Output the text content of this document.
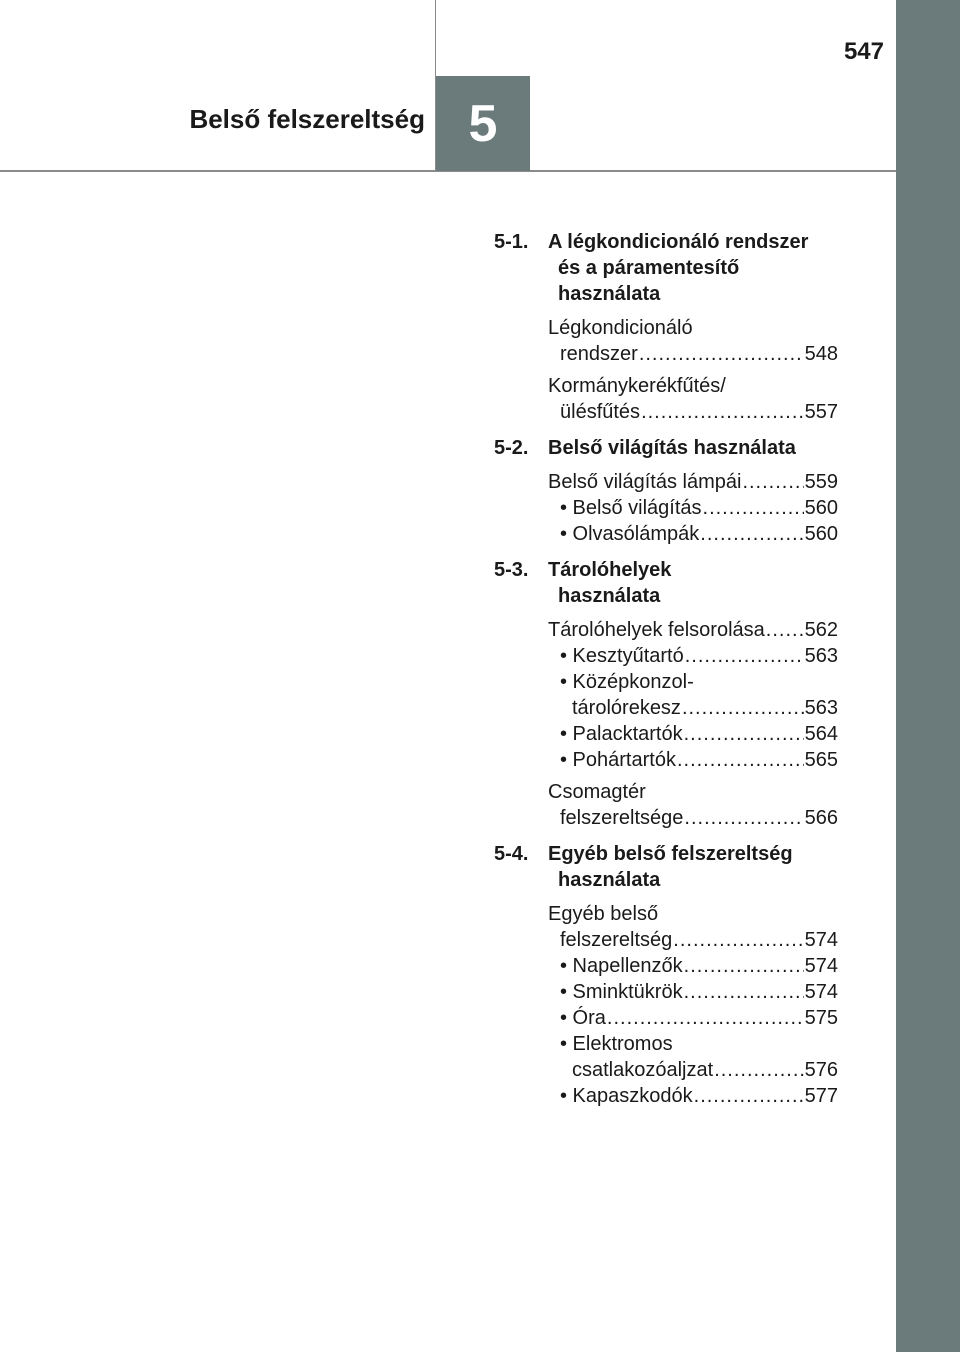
547

Belső felszereltség 5
5-1. A légkondicionáló rendszer
és a páramentesítő
használata
Légkondicionáló
rendszer .....	548
Kormánykerékfűtés/
ülésfűtés .....	557
5-2. Belső világítás használata
Belső világítás lámpái .....	559
• Belső világítás .....	560
• Olvasólámpák .....	560
5-3. Tárolóhelyek
használata
Tárolóhelyek felsorolása ..... 562
• Kesztyűtartó .....	563
• Középkonzol-
tárolórekesz .....	563
• Palacktartók .....	564
• Pohártartók .....	565
Csomagtér
felszereltsége .....	566
5-4. Egyéb belső felszereltség
használata
Egyéb belső
felszereltség .....	574
• Napellenzők .....	574
• Sminktükrök .....	574
• Óra .....	575
• Elektromos
csatlakozóaljzat .....	576
• Kapaszkodók .....	577
